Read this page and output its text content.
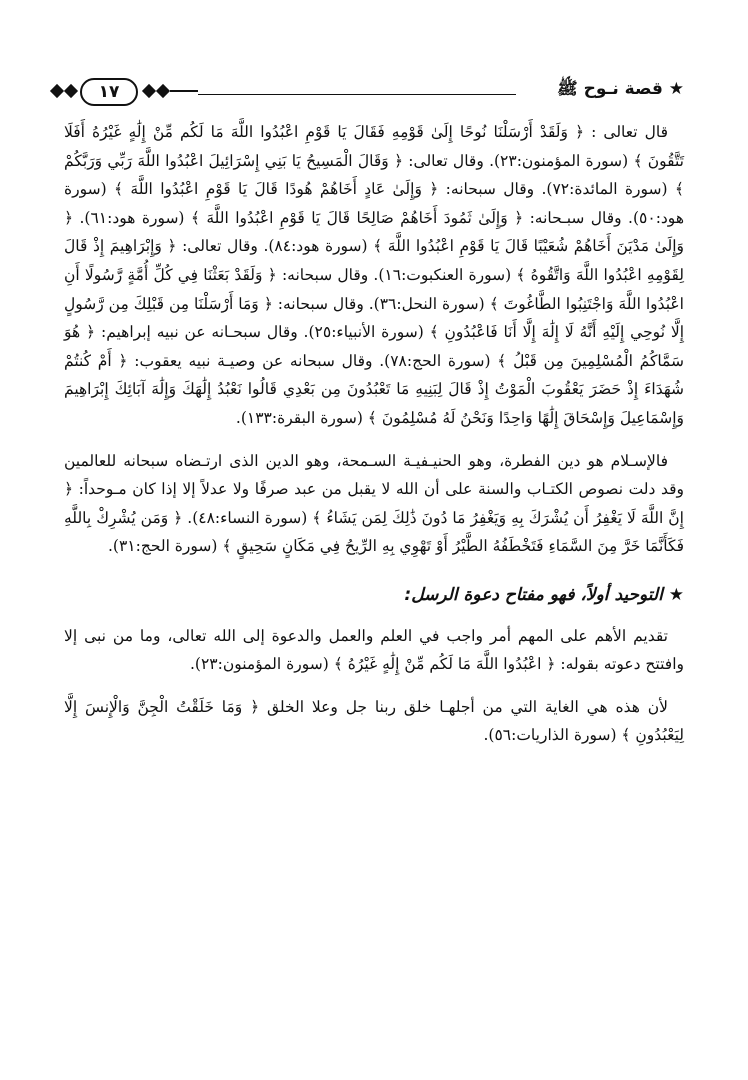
١٧	★ قصة نـوح ﷺ

قال تعالى : ﴿ وَلَقَدْ أَرْسَلْنَا نُوحًا إِلَىٰ قَوْمِهِ فَقَالَ يَا قَوْمِ اعْبُدُوا اللَّهَ مَا لَكُم مِّنْ إِلَٰهٍ غَيْرُهُ أَفَلَا تَتَّقُونَ ﴾ (سورة المؤمنون:٢٣). وقال تعالى: ﴿ وَقَالَ الْمَسِيحُ يَا بَنِي إِسْرَائِيلَ اعْبُدُوا اللَّهَ رَبِّي وَرَبَّكُمْ ﴾ (سورة المائدة:٧٢). وقال سبحانه: ﴿ وَإِلَىٰ عَادٍ أَخَاهُمْ هُودًا قَالَ يَا قَوْمِ اعْبُدُوا اللَّهَ ﴾ (سورة هود:٥٠). وقال سبـحانه: ﴿ وَإِلَىٰ ثَمُودَ أَخَاهُمْ صَالِحًا قَالَ يَا قَوْمِ اعْبُدُوا اللَّهَ ﴾ (سورة هود:٦١). ﴿ وَإِلَىٰ مَدْيَنَ أَخَاهُمْ شُعَيْبًا قَالَ يَا قَوْمِ اعْبُدُوا اللَّهَ ﴾ (سورة هود:٨٤). وقال تعالى: ﴿ وَإِبْرَاهِيمَ إِذْ قَالَ لِقَوْمِهِ اعْبُدُوا اللَّهَ وَاتَّقُوهُ ﴾ (سورة العنكبوت:١٦). وقال سبحانه: ﴿ وَلَقَدْ بَعَثْنَا فِي كُلِّ أُمَّةٍ رَّسُولًا أَنِ اعْبُدُوا اللَّهَ وَاجْتَنِبُوا الطَّاغُوتَ ﴾ (سورة النحل:٣٦). وقال سبحانه: ﴿ وَمَا أَرْسَلْنَا مِن قَبْلِكَ مِن رَّسُولٍ إِلَّا نُوحِي إِلَيْهِ أَنَّهُ لَا إِلَٰهَ إِلَّا أَنَا فَاعْبُدُونِ ﴾ (سورة الأنبياء:٢٥). وقال سبحـانه عن نبيه إبراهيم: ﴿ هُوَ سَمَّاكُمُ الْمُسْلِمِينَ مِن قَبْلُ ﴾ (سورة الحج:٧٨). وقال سبحانه عن وصيـة نبيه يعقوب: ﴿ أَمْ كُنتُمْ شُهَدَاءَ إِذْ حَضَرَ يَعْقُوبَ الْمَوْتُ إِذْ قَالَ لِبَنِيهِ مَا تَعْبُدُونَ مِن بَعْدِي قَالُوا نَعْبُدُ إِلَٰهَكَ وَإِلَٰهَ آبَائِكَ إِبْرَاهِيمَ وَإِسْمَاعِيلَ وَإِسْحَاقَ إِلَٰهًا وَاحِدًا وَنَحْنُ لَهُ مُسْلِمُونَ ﴾ (سورة البقرة:١٣٣).

فالإسـلام هو دين الفطرة، وهو الحنيـفيـة السـمحة، وهو الدين الذى ارتـضاه سبحانه للعالمين وقد دلت نصوص الكتـاب والسنة على أن الله لا يقبل من عبد صرفًا ولا عدلاً إلا إذا كان مـوحداً: ﴿ إِنَّ اللَّهَ لَا يَغْفِرُ أَن يُشْرَكَ بِهِ وَيَغْفِرُ مَا دُونَ ذَٰلِكَ لِمَن يَشَاءُ ﴾ (سورة النساء:٤٨). ﴿ وَمَن يُشْرِكْ بِاللَّهِ فَكَأَنَّمَا خَرَّ مِنَ السَّمَاءِ فَتَخْطَفُهُ الطَّيْرُ أَوْ تَهْوِي بِهِ الرِّيحُ فِي مَكَانٍ سَحِيقٍ ﴾ (سورة الحج:٣١).

★ التوحيد أولاً، فهو مفتاح دعوة الرسل:

تقديم الأهم على المهم أمر واجب في العلم والعمل والدعوة إلى الله تعالى، وما من نبى إلا وافتتح دعوته بقوله: ﴿ اعْبُدُوا اللَّهَ مَا لَكُم مِّنْ إِلَٰهٍ غَيْرُهُ ﴾ (سورة المؤمنون:٢٣).

لأن هذه هي الغاية التي من أجلهـا خلق ربنا جل وعلا الخلق ﴿ وَمَا خَلَقْتُ الْجِنَّ وَالْإِنسَ إِلَّا لِيَعْبُدُونِ ﴾ (سورة الذاريات:٥٦).
